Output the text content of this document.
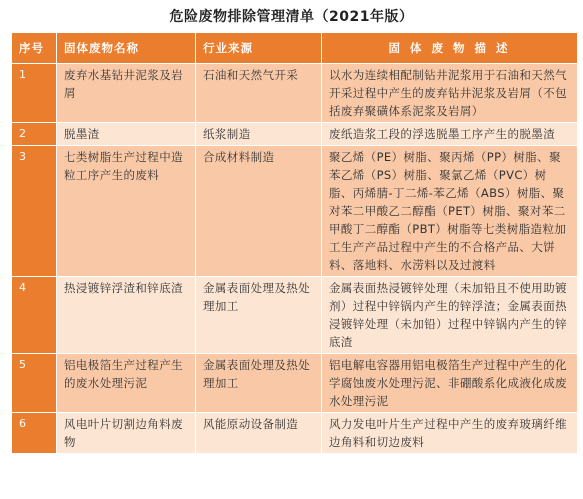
危险废物排除管理清单（2021年版）
序号	固体废物名称	行业来源	固 体 废 物 描 述
1	废弃水基钻井泥浆及岩屑	石油和天然气开采	以水为连续相配制钻井泥浆用于石油和天然气开采过程中产生的废弃钻井泥浆及岩屑（不包括废弃聚磺体系泥浆及岩屑）
2	脱墨渣	纸浆制造	废纸造浆工段的浮选脱墨工序产生的脱墨渣
3	七类树脂生产过程中造粒工序产生的废料	合成材料制造	聚乙烯（PE）树脂、聚丙烯（PP）树脂、聚苯乙烯（PS）树脂、聚氯乙烯（PVC）树脂、丙烯腈-丁二烯-苯乙烯（ABS）树脂、聚对苯二甲酸乙二醇酯（PET）树脂、聚对苯二甲酸丁二醇酯（PBT）树脂等七类树脂造粒加工生产产品过程中产生的不合格产品、大饼料、落地料、水涝料以及过渡料
4	热浸镀锌浮渣和锌底渣	金属表面处理及热处理加工	金属表面热浸镀锌处理（未加铅且不使用助镀剂）过程中锌锅内产生的锌浮渣；金属表面热浸镀锌处理（未加铅）过程中锌锅内产生的锌底渣
5	铝电极箔生产过程产生的废水处理污泥	金属表面处理及热处理加工	铝电解电容器用铝电极箔生产过程中产生的化学腐蚀废水处理污泥、非硼酸系化成液化成废水处理污泥
6	风电叶片切割边角料废物	风能原动设备制造	风力发电叶片生产过程中产生的废弃玻璃纤维边角料和切边废料
